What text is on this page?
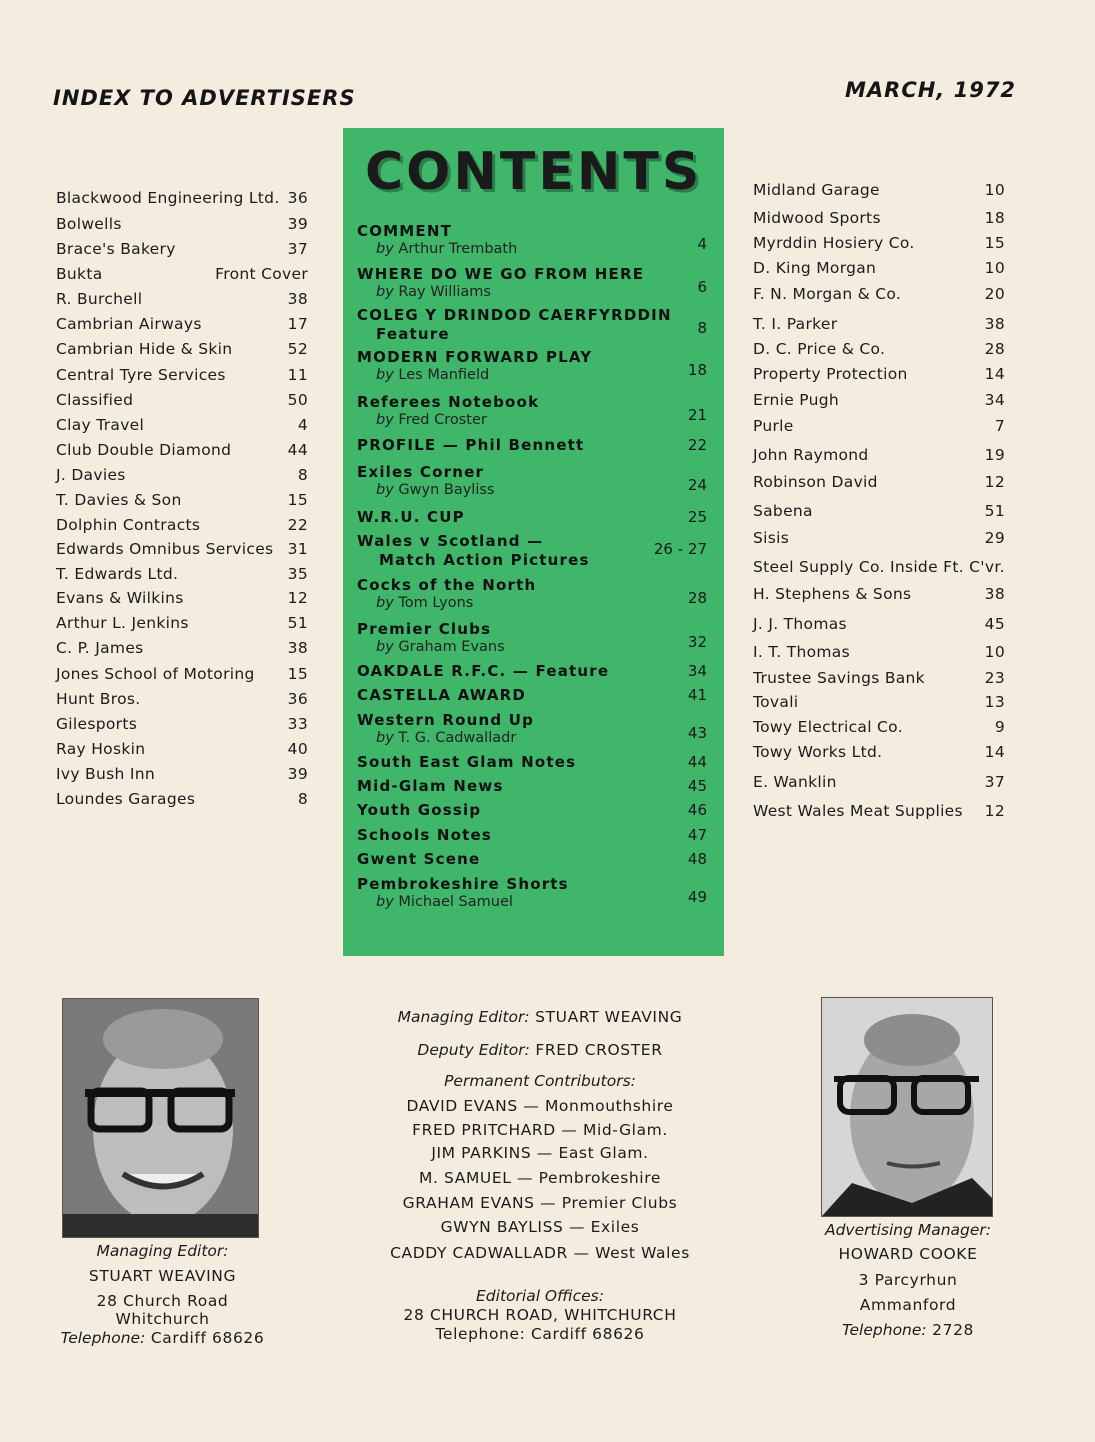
INDEX TO ADVERTISERS	MARCH, 1972
Blackwood Engineering Ltd. 36
Bolwells	39
Brace's Bakery	37
Bukta	Front Cover
R. Burchell	38
Cambrian Airways	17
Cambrian Hide & Skin	52
Central Tyre Services	11
Classified	50
Clay Travel	4
Club Double Diamond	44
J. Davies	8
T. Davies & Son	15
Dolphin Contracts	22
Edwards Omnibus Services 31
T. Edwards Ltd.	35
Evans & Wilkins	12
Arthur L. Jenkins	51
C. P. James	38
Jones School of Motoring 15
Hunt Bros.	36
Gilesports	33
Ray Hoskin	40
Ivy Bush Inn	39
Loundes Garages	8
Midland Garage	10
Midwood Sports	18
Myrddin Hosiery Co.	15
D. King Morgan	10
F. N. Morgan & Co.	20
T. I. Parker	38
D. C. Price & Co.	28
Property Protection	14
Ernie Pugh	34
Purle	7
John Raymond	19
Robinson David	12
Sabena	51
Sisis	29
Steel Supply Co. Inside Ft. C'vr.
H. Stephens & Sons	38
J. J. Thomas	45
I. T. Thomas	10
Trustee Savings Bank	23
Tovali	13
Towy Electrical Co.	9
Towy Works Ltd.	14
E. Wanklin	37
West Wales Meat Supplies 12
CONTENTS
COMMENT
by Arthur Trembath	4
WHERE DO WE GO FROM HERE
by Ray Williams	6
COLEG Y DRINDOD CAERFYRDDIN
Feature	8
MODERN FORWARD PLAY
by Les Manfield	18
Referees Notebook
by Fred Croster	21
PROFILE — Phil Bennett	22
Exiles Corner
by Gwyn Bayliss	24
W.R.U. CUP	25
Wales v Scotland —
Match Action Pictures
26 - 27
Cocks of the North
by Tom Lyons	28
Premier Clubs
by Graham Evans	32
OAKDALE R.F.C. — Feature	34
CASTELLA AWARD	41
Western Round Up
by T. G. Cadwalladr	43
South East Glam Notes	44
Mid-Glam News	45
Youth Gossip	46
Schools Notes	47
Gwent Scene	48
Pembrokeshire Shorts
by Michael Samuel	49
Managing Editor:
STUART WEAVING
28 Church Road
Whitchurch
Telephone: Cardiff 68626
Advertising Manager:
HOWARD COOKE
3 Parcyrhun
Ammanford
Telephone: 2728
Managing Editor: STUART WEAVING
Deputy Editor: FRED CROSTER
Permanent Contributors:
DAVID EVANS — Monmouthshire
FRED PRITCHARD — Mid-Glam.
JIM PARKINS — East Glam.
M. SAMUEL — Pembrokeshire
GRAHAM EVANS — Premier Clubs
GWYN BAYLISS — Exiles
CADDY CADWALLADR — West Wales
Editorial Offices:
28 CHURCH ROAD, WHITCHURCH
Telephone: Cardiff 68626
